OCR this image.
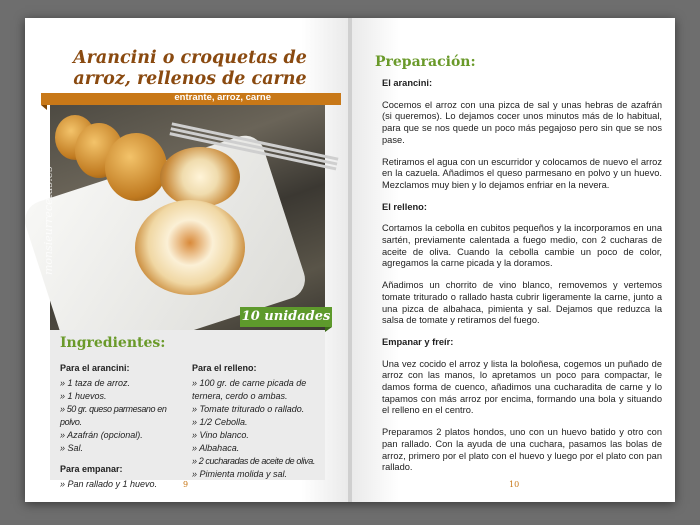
Arancini o croquetas de arroz, rellenos de carne
entrante, arroz, carne
monsieurrecetas.es
10 unidades
Ingredientes:
Para el arancini:
» 1 taza de arroz.
» 1 huevos.
» 50 gr. queso parmesano en polvo.
» Azafrán (opcional).
» Sal.
Para empanar:
» Pan rallado y 1 huevo.
Para el relleno:
» 100 gr. de carne picada de ternera, cerdo o ambas.
» Tomate triturado o rallado.
» 1/2 Cebolla.
» Vino blanco.
» Albahaca.
» 2 cucharadas de aceite de oliva.
» Pimienta molida y sal.
9
Preparación:
El arancini:

Cocemos el arroz con una pizca de sal y unas hebras de azafrán (si queremos). Lo dejamos cocer unos minutos más de lo habitual, para que se nos quede un poco más pegajoso pero sin que se nos pase.

Retiramos el agua con un escurridor y colocamos de nuevo el arroz en la cazuela. Añadimos el queso parmesano en polvo y un huevo. Mezclamos muy bien y lo dejamos enfriar en la nevera.

El relleno:

Cortamos la cebolla en cubitos pequeños y la incorporamos en una sartén, previamente calentada a fuego medio, con 2 cucharas de aceite de oliva. Cuando la cebolla cambie un poco de color, agregamos la carne picada y la doramos.

Añadimos un chorrito de vino blanco, removemos y vertemos tomate triturado o rallado hasta cubrir ligeramente la carne, junto a una pizca de albahaca, pimienta y sal. Dejamos que reduzca la salsa de tomate y retiramos del fuego.

Empanar y freír:

Una vez cocido el arroz y lista la boloñesa, cogemos un puñado de arroz con las manos, lo apretamos un poco para compactar, le damos forma de cuenco, añadimos una cucharadita de carne y lo tapamos con más arroz por encima, formando una bola y situando el relleno en el centro.

Preparamos 2 platos hondos, uno con un huevo batido y otro con pan rallado. Con la ayuda de una cuchara, pasamos las bolas de arroz, primero por el plato con el huevo y luego por el plato con pan rallado.

10
